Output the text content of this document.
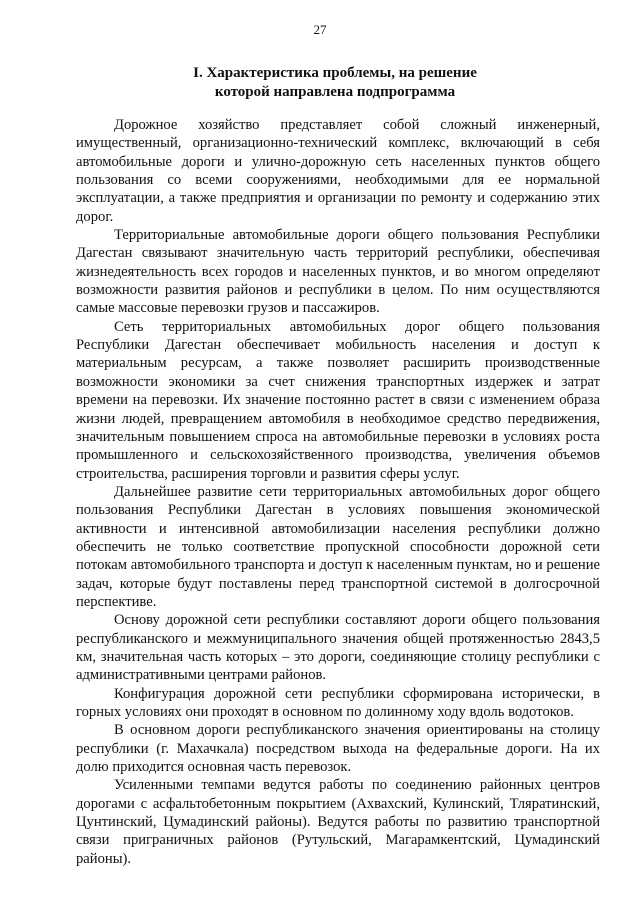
27
I. Характеристика проблемы, на решение
которой направлена подпрограмма

Дорожное хозяйство представляет собой сложный инженерный, имущественный, организационно-технический комплекс, включающий в себя автомобильные дороги и улично-дорожную сеть населенных пунктов общего пользования со всеми сооружениями, необходимыми для ее нормальной эксплуатации, а также предприятия и организации по ремонту и содержанию этих дорог.

Территориальные автомобильные дороги общего пользования Республики Дагестан связывают значительную часть территорий республики, обеспечивая жизнедеятельность всех городов и населенных пунктов, и во многом определяют возможности развития районов и республики в целом. По ним осуществляются самые массовые перевозки грузов и пассажиров.

Сеть территориальных автомобильных дорог общего пользования Республики Дагестан обеспечивает мобильность населения и доступ к материальным ресурсам, а также позволяет расширить производственные возможности экономики за счет снижения транспортных издержек и затрат времени на перевозки. Их значение постоянно растет в связи с изменением образа жизни людей, превращением автомобиля в необходимое средство передвижения, значительным повышением спроса на автомобильные перевозки в условиях роста промышленного и сельскохозяйственного производства, увеличения объемов строительства, расширения торговли и развития сферы услуг.

Дальнейшее развитие сети территориальных автомобильных дорог общего пользования Республики Дагестан в условиях повышения экономической активности и интенсивной автомобилизации населения республики должно обеспечить не только соответствие пропускной способности дорожной сети потокам автомобильного транспорта и доступ к населенным пунктам, но и решение задач, которые будут поставлены перед транспортной системой в долгосрочной перспективе.

Основу дорожной сети республики составляют дороги общего пользования республиканского и межмуниципального значения общей протяженностью 2843,5 км, значительная часть которых – это дороги, соединяющие столицу республики с административными центрами районов.

Конфигурация дорожной сети республики сформирована исторически, в горных условиях они проходят в основном по долинному ходу вдоль водотоков.

В основном дороги республиканского значения ориентированы на столицу республики (г. Махачкала) посредством выхода на федеральные дороги. На их долю приходится основная часть перевозок.

Усиленными темпами ведутся работы по соединению районных центров дорогами с асфальтобетонным покрытием (Ахвахский, Кулинский, Тляратинский, Цунтинский, Цумадинский районы). Ведутся работы по развитию транспортной связи приграничных районов (Рутульский, Магарамкентский, Цумадинский районы).
